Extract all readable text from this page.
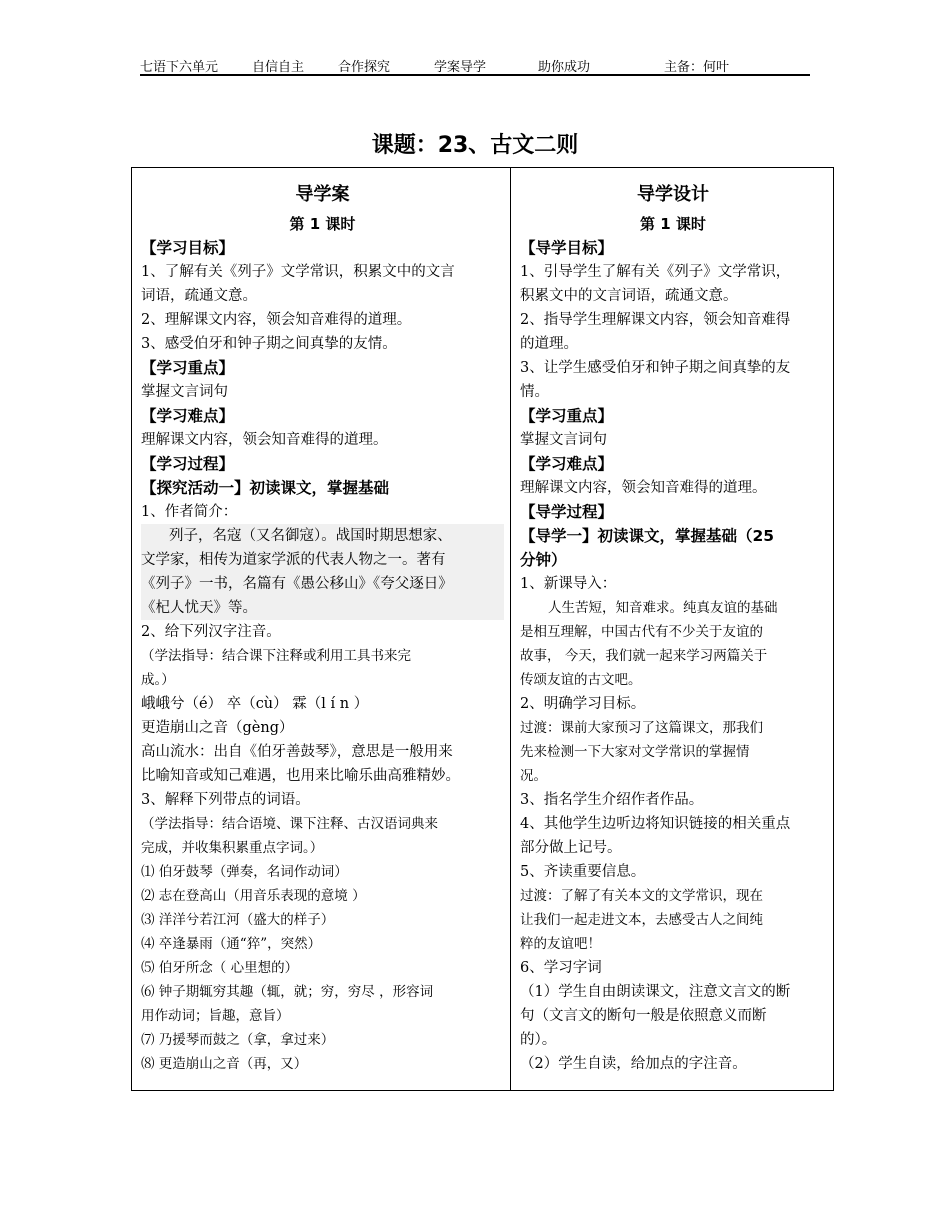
七语下六单元	自信自主	合作探究	学案导学	助你成功	主备：何叶
课题：23、古文二则
导学案
第 1 课时
【学习目标】
1、了解有关《列子》文学常识，积累文中的文言
词语，疏通文意。
2、理解课文内容，领会知音难得的道理。
3、感受伯牙和钟子期之间真挚的友情。
【学习重点】
掌握文言词句
【学习难点】
理解课文内容，领会知音难得的道理。
【学习过程】
【探究活动一】初读课文，掌握基础
1、作者简介：
列子，名寇（又名御寇）。战国时期思想家、
文学家，相传为道家学派的代表人物之一。著有
《列子》一书，名篇有《愚公移山》《夸父逐日》
《杞人忧天》等。
2、给下列汉字注音。
（学法指导：结合课下注释或利用工具书来完
成。）
峨峨兮（é） 卒（cù） 霖（l í n ）
更造崩山之音（gèng）
高山流水：出自《伯牙善鼓琴》，意思是一般用来
比喻知音或知己难遇，也用来比喻乐曲高雅精妙。
3、解释下列带点的词语。
（学法指导：结合语境、课下注释、古汉语词典来
完成，并收集积累重点字词。）
⑴ 伯牙鼓琴（弹奏，名词作动词）
⑵ 志在登高山（用音乐表现的意境 ）
⑶ 洋洋兮若江河（盛大的样子）
⑷ 卒逢暴雨（通“猝”，突然）
⑸ 伯牙所念（ 心里想的）
⑹ 钟子期辄穷其趣（辄，就；穷，穷尽 ，形容词
用作动词；旨趣，意旨）
⑺ 乃援琴而鼓之（拿，拿过来）
⑻ 更造崩山之音（再，又）
导学设计
第 1 课时
【导学目标】
1、引导学生了解有关《列子》文学常识，
积累文中的文言词语，疏通文意。
2、指导学生理解课文内容，领会知音难得
的道理。
3、让学生感受伯牙和钟子期之间真挚的友
情。
【学习重点】
掌握文言词句
【学习难点】
理解课文内容，领会知音难得的道理。
【导学过程】
【导学一】初读课文，掌握基础（25
分钟）
1、新课导入：
人生苦短，知音难求。纯真友谊的基础
是相互理解，中国古代有不少关于友谊的
故事， 今天，我们就一起来学习两篇关于
传颂友谊的古文吧。
2、明确学习目标。
过渡：课前大家预习了这篇课文，那我们
先来检测一下大家对文学常识的掌握情
况。
3、指名学生介绍作者作品。
4、其他学生边听边将知识链接的相关重点
部分做上记号。
5、齐读重要信息。
过渡：了解了有关本文的文学常识，现在
让我们一起走进文本，去感受古人之间纯
粹的友谊吧！
6、学习字词
（1）学生自由朗读课文，注意文言文的断
句（文言文的断句一般是依照意义而断
的）。
（2）学生自读，给加点的字注音。
